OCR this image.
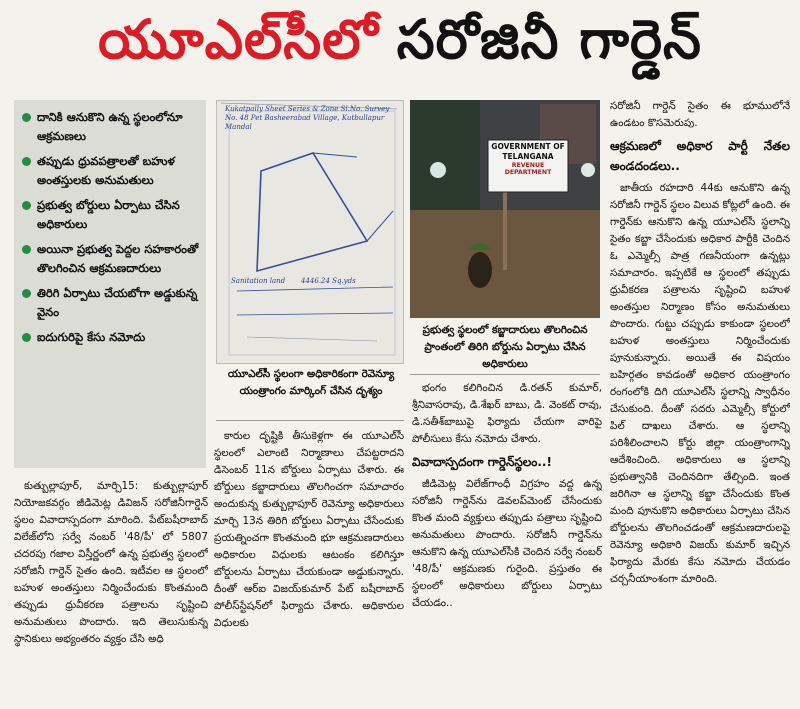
యూఎల్‌సీలో సరోజినీ గార్డెన్‌
దానికి ఆనుకొని ఉన్న స్థలంలోనూ ఆక్రమణలు
తప్పుడు ధ్రువపత్రాలతో బహుళ అంతస్తులకు అనుమతులు
ప్రభుత్వ బోర్డులు ఏర్పాటు చేసిన అధికారులు
అయినా ప్రభుత్వ పెద్దల సహకారంతో తొలగించిన ఆక్రమణదారులు
తిరిగి ఏర్పాటు చేయబోగా అడ్డుకున్న వైనం
ఐదుగురిపై కేసు నమోదు

కుత్బుల్లాపూర్, మార్చి15: కుత్బుల్లాపూర్ నియోజకవర్గం జీడిమెట్ల డివిజన్ సరోజినీగార్డెన్ స్థలం వివాదాస్పదంగా మారింది. పేట్‌బషీరాబాద్ విలేజ్‌లోని సర్వే నంబర్ '48/పీ' లో 5807 చదరపు గజాల విస్తీర్ణంలో ఉన్న ప్రభుత్వ స్థలంలో సరోజినీ గార్డెన్ సైతం ఉంది. ఇటీవల ఆ స్థలంలో బహుళ అంతస్తులు నిర్మించేందుకు కొంతమంది తప్పుడు ధ్రువీకరణ పత్రాలను సృష్టించి అనుమతులు పొందారు. ఇది తెలుసుకున్న స్థానికులు అభ్యంతరం వ్యక్తం చేసి అధి

Kukatpally Sheet Series & Zone Sl.No. Survey No. 48 Pet Basheerabad Village, Kutbullapur Mandal
Sanitation land 4446.24 Sq.yds
యూఎల్‌సీ స్థలంగా అధికారికంగా రెవెన్యూ యంత్రాంగం మార్కింగ్ చేసిన దృశ్యం

కారుల దృష్టికి తీసుకెళ్లగా ఈ యూఎల్‌సీ స్థలంలో ఎలాంటి నిర్మాణాలు చేపట్టరాదని డిసెంబర్ 11న బోర్డులు ఏర్పాటు చేశారు. ఈ బోర్డులు కబ్జాదారులు తొలగించగా సమాచారం అందుకున్న కుత్బుల్లాపూర్ రెవెన్యూ అధికారులు మార్చి 13న తిరిగి బోర్డులు ఏర్పాటు చేసేందుకు ప్రయత్నించగా కొంతమంది భూ ఆక్రమణదారులు అధికారుల విధులకు ఆటంకం కలిగిస్తూ బోర్డులను ఏర్పాటు చేయకుండా అడ్డుకున్నారు. దీంతో ఆర్‌ఐ విజయ్‌కుమార్ పేట్ బషీరాబాద్ పోలీస్‌స్టేషన్‌లో ఫిర్యాదు చేశారు. అధికారుల విధులకు

GOVERNMENT OF
TELANGANA
REVENUE DEPARTMENT
ప్రభుత్వ స్థలంలో కబ్జాదారులు తొలగించిన ప్రాంతంలో తిరిగి బోర్డును ఏర్పాటు చేసిన అధికారులు

భంగం కలిగించిన డి.రతన్ కుమార్, శ్రీనివాసరావు, డి.శేఖర్ బాబు, డి. వెంకట్ రావు, డి.సతీశ్‌బాబుపై ఫిర్యాదు చేయగా వారిపై పోలీసులు కేసు నమోదు చేశారు.

వివాదాస్పదంగా గార్డెన్‌స్థలం..!

జీడిమెట్ల విలేజ్‌గాంధీ విగ్రహం వద్ద ఉన్న సరోజినీ గార్డెన్‌ను డెవలప్‌మెంట్ చేసేందుకు కొంత మంది వ్యక్తులు తప్పుడు పత్రాలు సృష్టించి అనుమతులు పొందారు. సరోజినీ గార్డెన్‌ను ఆనుకొని ఉన్న యూఎల్‌సీకి చెందిన సర్వే నంబర్ '48/పీ' ఆక్రమణకు గురైంది. ప్రస్తుతం ఈ స్థలంలో అధికారులు బోర్డులు ఏర్పాటు చేయడం..

సరోజినీ గార్డెన్ సైతం ఈ భూములోనే ఉండటం కొసమెరుపు.

ఆక్రమణలో అధికార పార్టీ నేతల అండదండలు..

జాతీయ రహదారి 44కు ఆనుకొని ఉన్న సరోజినీ గార్డెన్ స్థలం విలువ కోట్లలో ఉంది. ఈ గార్డెన్‌కు ఆనుకొని ఉన్న యూఎల్‌సీ స్థలాన్ని సైతం కబ్జా చేసేందుకు అధికార పార్టీకి చెందిన ఓ ఎమ్మెల్సీ పాత్ర గణనీయంగా ఉన్నట్లు సమాచారం. ఇప్పటికే ఆ స్థలంలో తప్పుడు ధ్రువీకరణ పత్రాలను సృష్టించి బహుళ అంతస్తుల నిర్మాణం కోసం అనుమతులు పొందారు. గుట్టు చప్పుడు కాకుండా స్థలంలో బహుళ అంతస్తులు నిర్మించేందుకు పూనుకున్నారు. అయితే ఈ విషయం బహిర్గతం కావడంతో అధికార యంత్రాంగం రంగంలోకి దిగి యూఎల్‌సీ స్థలాన్ని స్వాధీనం చేసుకుంది. దీంతో సదరు ఎమ్మెల్సీ కోర్టులో పిల్ దాఖలు చేశారు. ఆ స్థలాన్ని పరిశీలించాలని కోర్టు జిల్లా యంత్రాంగాన్ని ఆదేశించింది. అధికారులు ఆ స్థలాన్ని ప్రభుత్వానికి చెందినదిగా తేల్చింది. ఇంత జరిగినా ఆ స్థలాన్ని కబ్జా చేసేందుకు కొంత మంది పూనుకొని అధికారులు ఏర్పాటు చేసిన బోర్డులను తొలగించడంతో ఆక్రమణదారులపై రెవెన్యూ అధికారి విజయ్ కుమార్ ఇచ్చిన ఫిర్యాదు మేరకు కేసు నమోదు చేయడం చర్చనీయాంశంగా మారింది.
